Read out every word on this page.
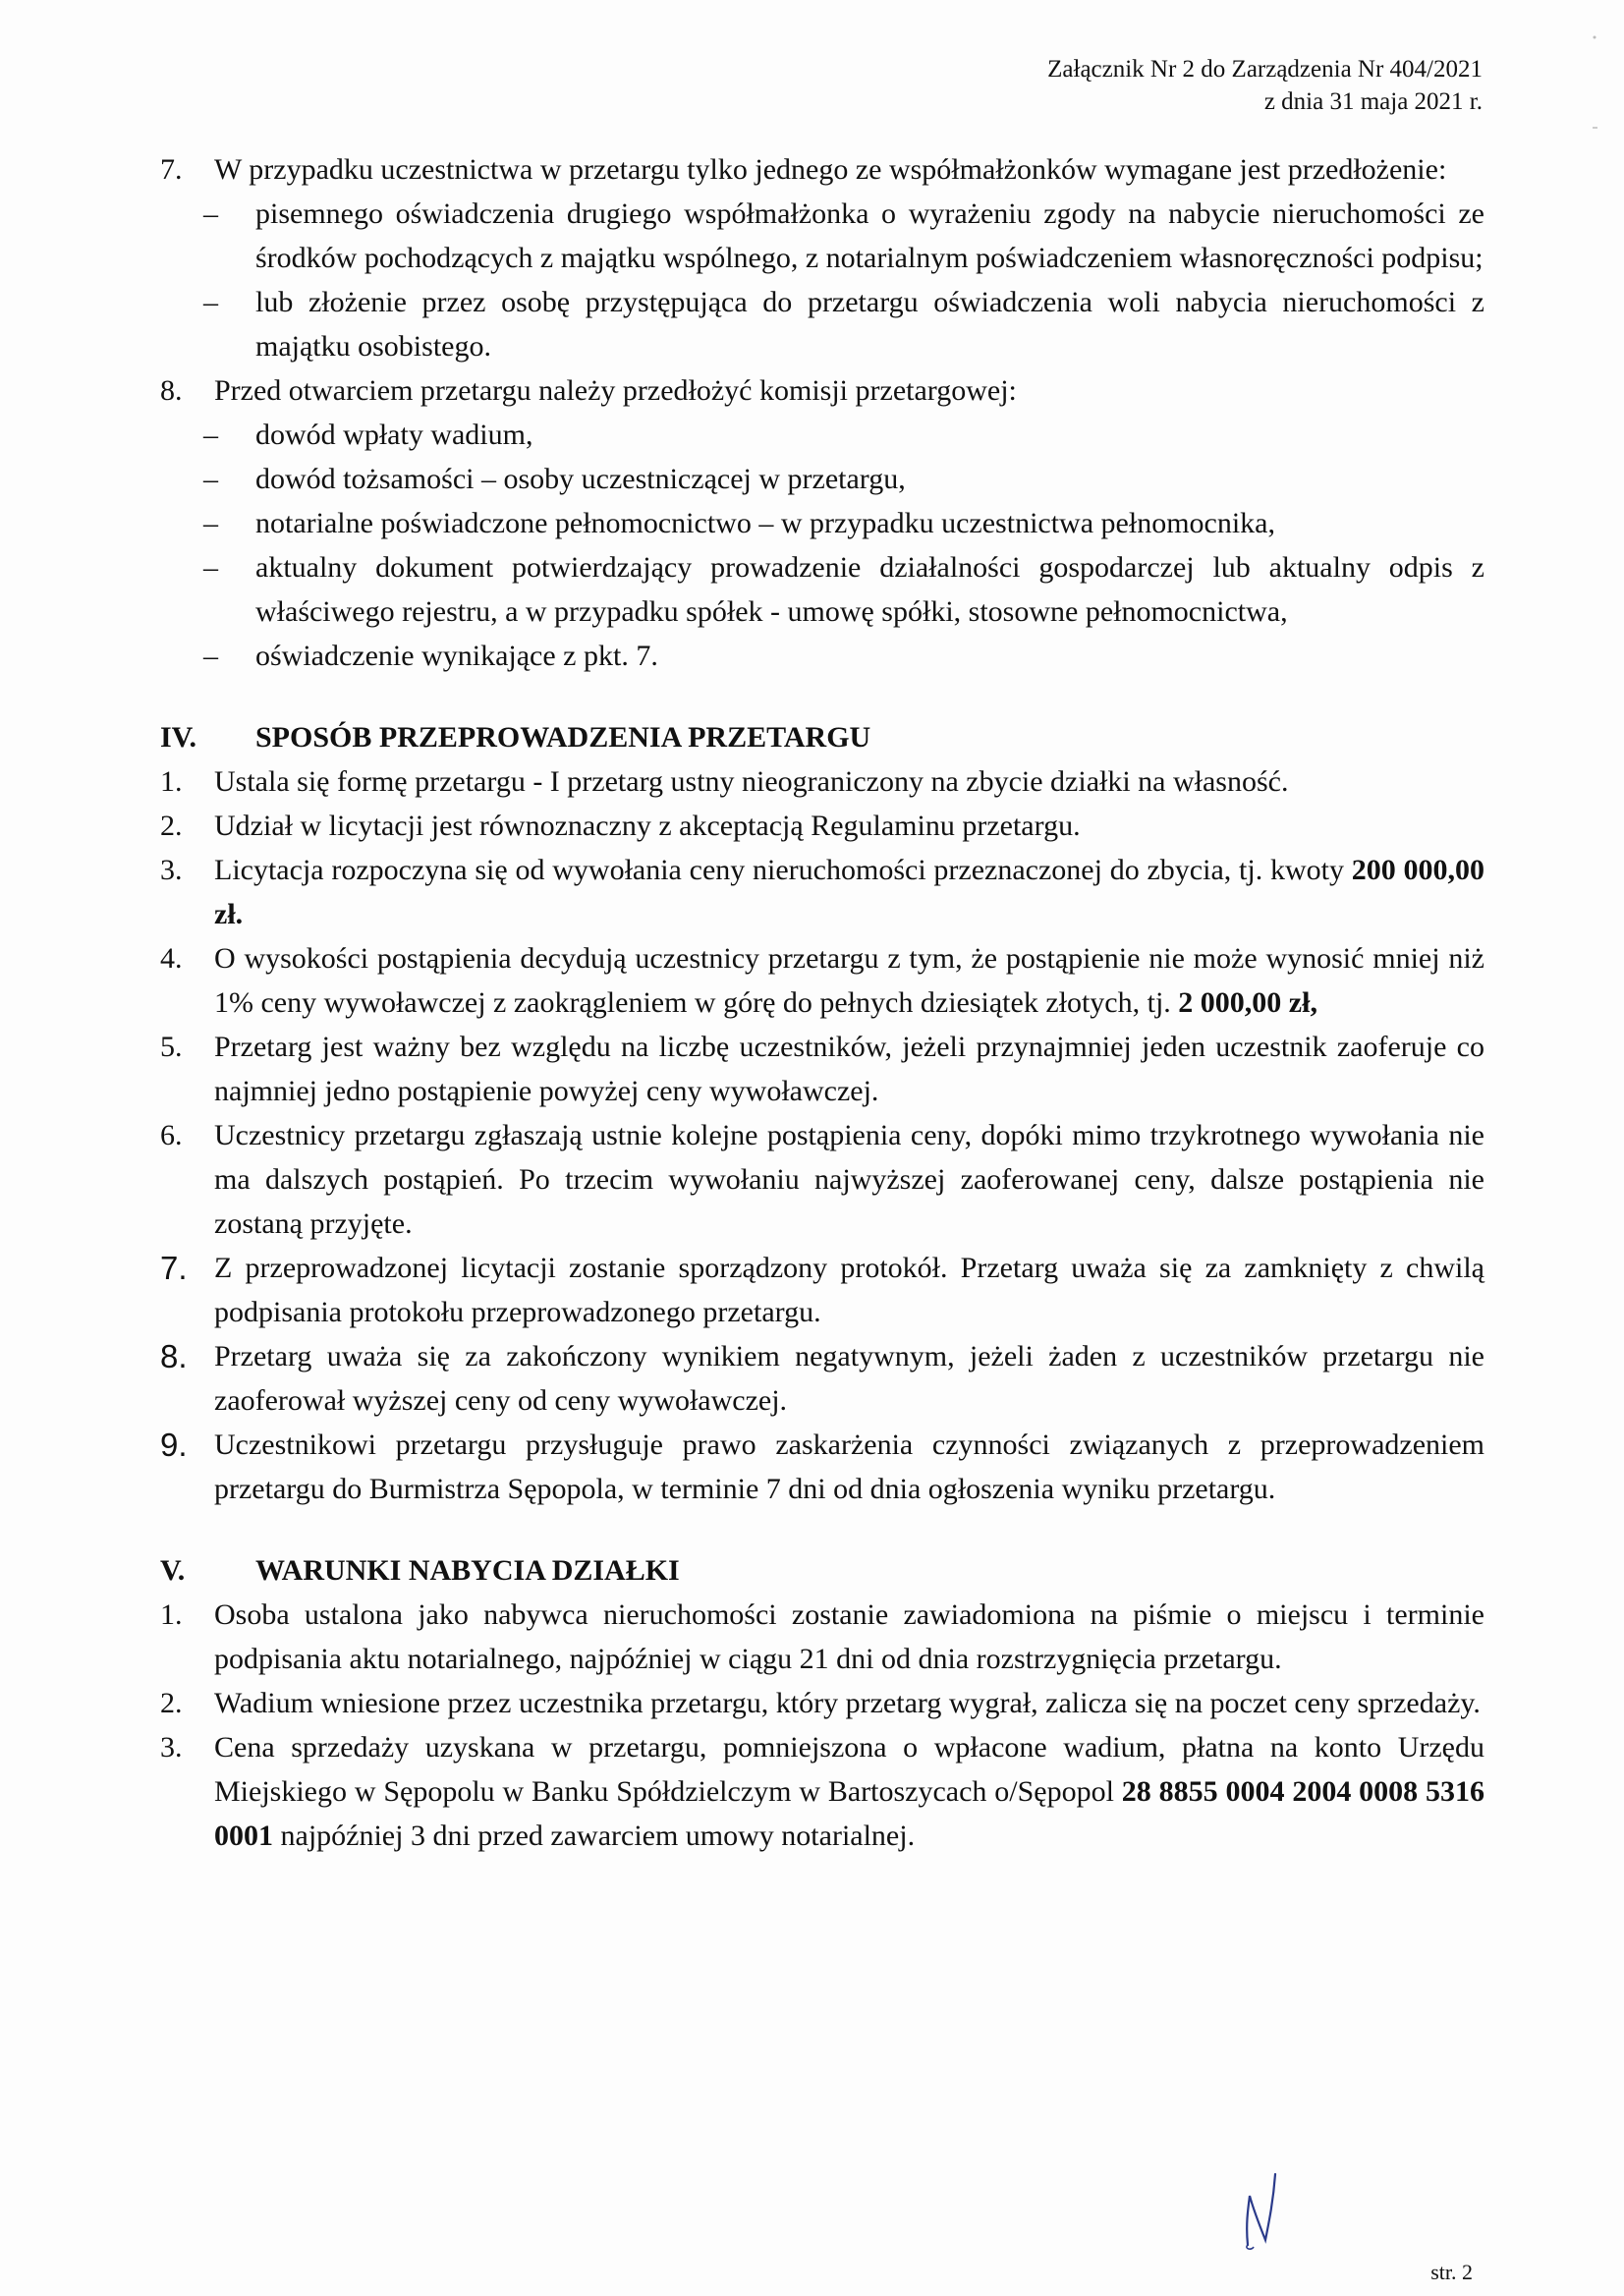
Załącznik Nr 2 do Zarządzenia Nr 404/2021
z dnia 31 maja 2021 r.
7. W przypadku uczestnictwa w przetargu tylko jednego ze współmałżonków wymagane jest przedłożenie:
– pisemnego oświadczenia drugiego współmałżonka o wyrażeniu zgody na nabycie nieruchomości ze środków pochodzących z majątku wspólnego, z notarialnym poświadczeniem własnoręczności podpisu;
– lub złożenie przez osobę przystępująca do przetargu oświadczenia woli nabycia nieruchomości z majątku osobistego.
8. Przed otwarciem przetargu należy przedłożyć komisji przetargowej:
– dowód wpłaty wadium,
– dowód tożsamości – osoby uczestniczącej w przetargu,
– notarialne poświadczone pełnomocnictwo – w przypadku uczestnictwa pełnomocnika,
– aktualny dokument potwierdzający prowadzenie działalności gospodarczej lub aktualny odpis z właściwego rejestru, a w przypadku spółek - umowę spółki, stosowne pełnomocnictwa,
– oświadczenie wynikające z pkt. 7.
IV. SPOSÓB PRZEPROWADZENIA PRZETARGU
1. Ustala się formę przetargu - I przetarg ustny nieograniczony na zbycie działki na własność.
2. Udział w licytacji jest równoznaczny z akceptacją Regulaminu przetargu.
3. Licytacja rozpoczyna się od wywołania ceny nieruchomości przeznaczonej do zbycia, tj. kwoty 200 000,00 zł.
4. O wysokości postąpienia decydują uczestnicy przetargu z tym, że postąpienie nie może wynosić mniej niż 1% ceny wywoławczej z zaokrągleniem w górę do pełnych dziesiątek złotych, tj. 2 000,00 zł,
5. Przetarg jest ważny bez względu na liczbę uczestników, jeżeli przynajmniej jeden uczestnik zaoferuje co najmniej jedno postąpienie powyżej ceny wywoławczej.
6. Uczestnicy przetargu zgłaszają ustnie kolejne postąpienia ceny, dopóki mimo trzykrotnego wywołania nie ma dalszych postąpień. Po trzecim wywołaniu najwyższej zaoferowanej ceny, dalsze postąpienia nie zostaną przyjęte.
7. Z przeprowadzonej licytacji zostanie sporządzony protokół. Przetarg uważa się za zamknięty z chwilą podpisania protokołu przeprowadzonego przetargu.
8. Przetarg uważa się za zakończony wynikiem negatywnym, jeżeli żaden z uczestników przetargu nie zaoferował wyższej ceny od ceny wywoławczej.
9. Uczestnikowi przetargu przysługuje prawo zaskarżenia czynności związanych z przeprowadzeniem przetargu do Burmistrza Sępopola, w terminie 7 dni od dnia ogłoszenia wyniku przetargu.
V. WARUNKI NABYCIA DZIAŁKI
1. Osoba ustalona jako nabywca nieruchomości zostanie zawiadomiona na piśmie o miejscu i terminie podpisania aktu notarialnego, najpóźniej w ciągu 21 dni od dnia rozstrzygnięcia przetargu.
2. Wadium wniesione przez uczestnika przetargu, który przetarg wygrał, zalicza się na poczet ceny sprzedaży.
3. Cena sprzedaży uzyskana w przetargu, pomniejszona o wpłacone wadium, płatna na konto Urzędu Miejskiego w Sępopolu w Banku Spółdzielczym w Bartoszycach o/Sępopol 28 8855 0004 2004 0008 5316 0001 najpóźniej 3 dni przed zawarciem umowy notarialnej.
str. 2
